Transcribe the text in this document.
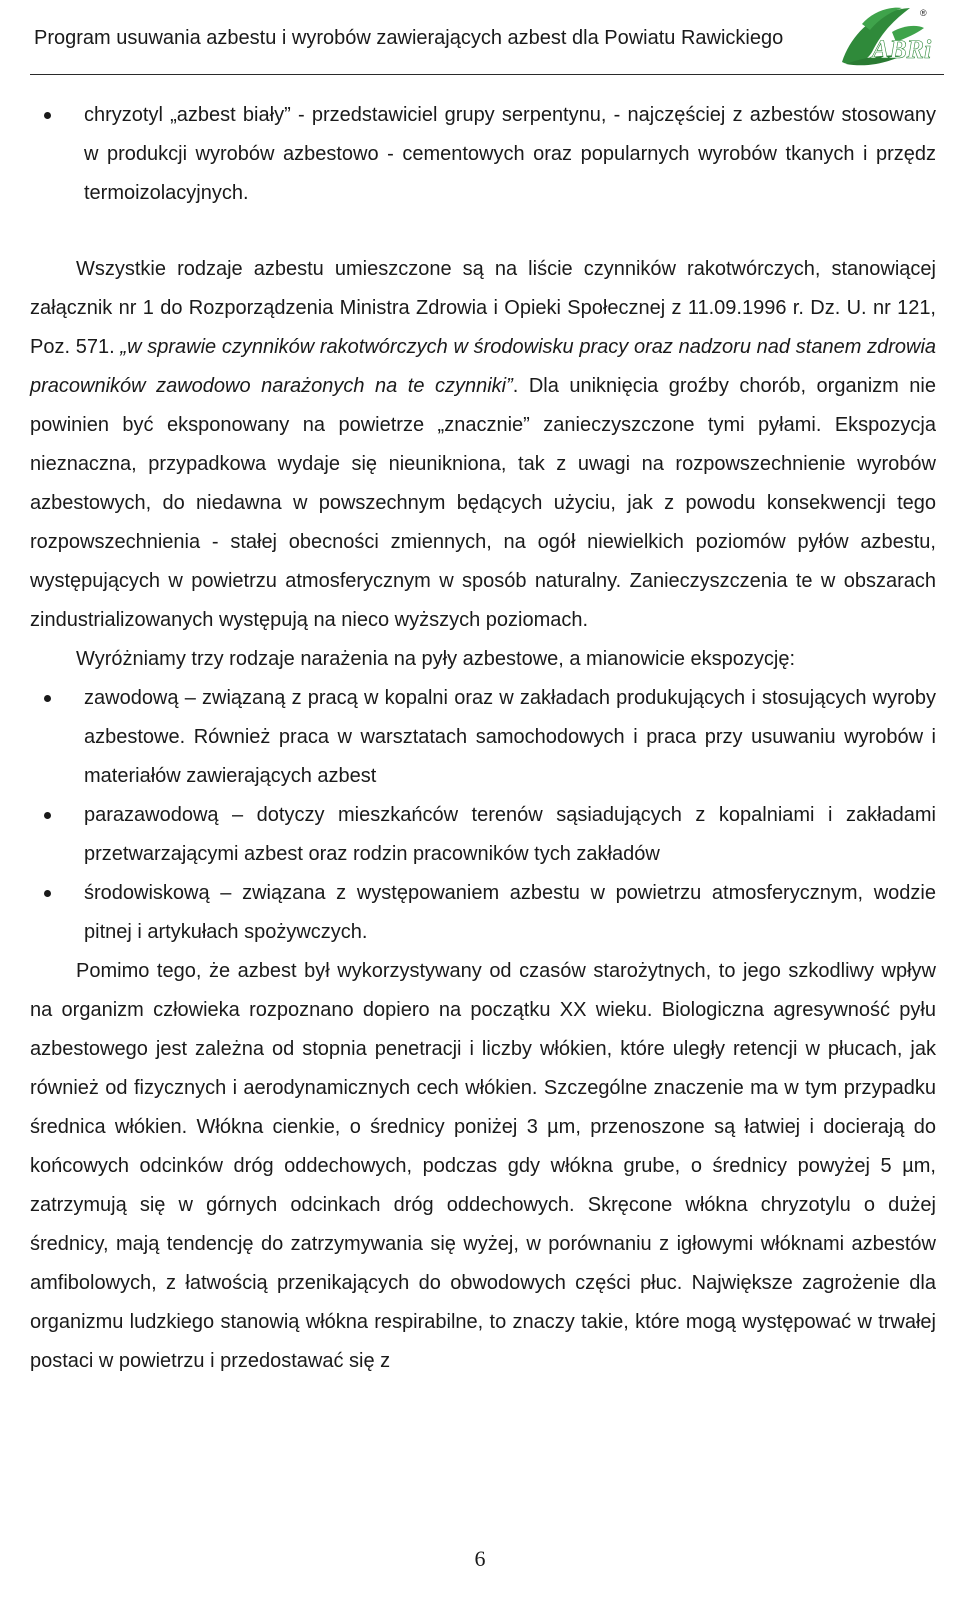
Program usuwania azbestu i wyrobów zawierających azbest dla Powiatu Rawickiego	ABRi
®

chryzotyl „azbest biały” - przedstawiciel grupy serpentynu, - najczęściej z azbestów stosowany w produkcji wyrobów azbestowo - cementowych oraz popularnych wyrobów tkanych i przędz termoizolacyjnych.

Wszystkie rodzaje azbestu umieszczone są na liście czynników rakotwórczych, stanowiącej załącznik nr 1 do Rozporządzenia Ministra Zdrowia i Opieki Społecznej z 11.09.1996 r. Dz. U. nr 121, Poz. 571. „w sprawie czynników rakotwórczych w środowisku pracy oraz nadzoru nad stanem zdrowia pracowników zawodowo narażonych na te czynniki”. Dla uniknięcia groźby chorób, organizm nie powinien być eksponowany na powietrze „znacznie” zanieczyszczone tymi pyłami. Ekspozycja nieznaczna, przypadkowa wydaje się nieunikniona, tak z uwagi na rozpowszechnienie wyrobów azbestowych, do niedawna w powszechnym będących użyciu, jak z powodu konsekwencji tego rozpowszechnienia - stałej obecności zmiennych, na ogół niewielkich poziomów pyłów azbestu, występujących w powietrzu atmosferycznym w sposób naturalny. Zanieczyszczenia te w obszarach zindustrializowanych występują na nieco wyższych poziomach.

Wyróżniamy trzy rodzaje narażenia na pyły azbestowe, a mianowicie ekspozycję:

zawodową – związaną z pracą w kopalni oraz w zakładach produkujących i stosujących wyroby azbestowe. Również praca w warsztatach samochodowych i praca przy usuwaniu wyrobów i materiałów zawierających azbest

parazawodową – dotyczy mieszkańców terenów sąsiadujących z kopalniami i zakładami przetwarzającymi azbest oraz rodzin pracowników tych zakładów

środowiskową – związana z występowaniem azbestu w powietrzu atmosferycznym, wodzie pitnej i artykułach spożywczych.

Pomimo tego, że azbest był wykorzystywany od czasów starożytnych, to jego szkodliwy wpływ na organizm człowieka rozpoznano dopiero na początku XX wieku. Biologiczna agresywność pyłu azbestowego jest zależna od stopnia penetracji i liczby włókien, które uległy retencji w płucach, jak również od fizycznych i aerodynamicznych cech włókien. Szczególne znaczenie ma w tym przypadku średnica włókien. Włókna cienkie, o średnicy poniżej 3 µm, przenoszone są łatwiej i docierają do końcowych odcinków dróg oddechowych, podczas gdy włókna grube, o średnicy powyżej 5 µm, zatrzymują się w górnych odcinkach dróg oddechowych. Skręcone włókna chryzotylu o dużej średnicy, mają tendencję do zatrzymywania się wyżej, w porównaniu z igłowymi włóknami azbestów amfibolowych, z łatwością przenikających do obwodowych części płuc. Największe zagrożenie dla organizmu ludzkiego stanowią włókna respirabilne, to znaczy takie, które mogą występować w trwałej postaci w powietrzu i przedostawać się z

6
